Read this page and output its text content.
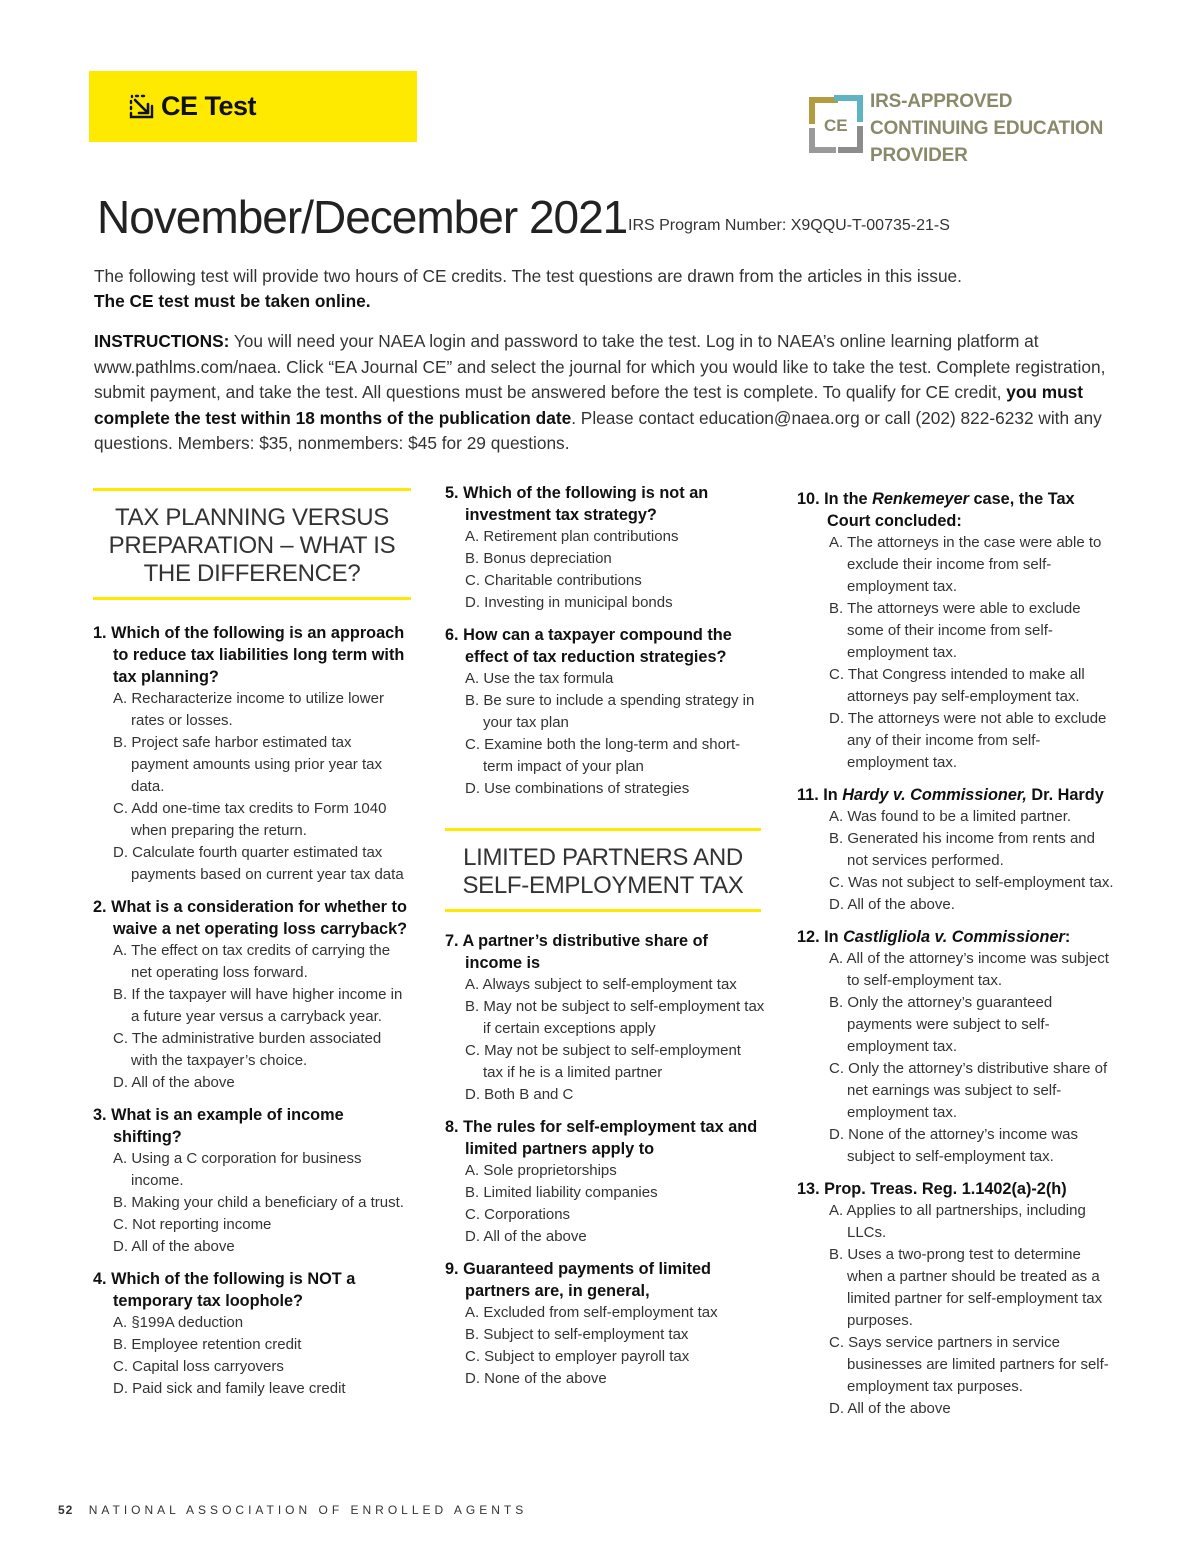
CE Test
CE
IRS-APPROVED
CONTINUING EDUCATION
PROVIDER
November/December 2021 IRS Program Number: X9QQU-T-00735-21-S

The following test will provide two hours of CE credits. The test questions are drawn from the articles in this issue.

The CE test must be taken online.

INSTRUCTIONS: You will need your NAEA login and password to take the test. Log in to NAEA’s online learning platform at www.pathlms.com/naea. Click “EA Journal CE” and select the journal for which you would like to take the test. Complete registration, submit payment, and take the test. All questions must be answered before the test is complete. To qualify for CE credit, you must complete the test within 18 months of the publication date. Please contact education@naea.org or call (202) 822-6232 with any questions. Members: $35, nonmembers: $45 for 29 questions.
TAX PLANNING VERSUS PREPARATION – WHAT IS THE DIFFERENCE?
1. Which of the following is an approach to reduce tax liabilities long term with tax planning?
A. Recharacterize income to utilize lower rates or losses.
B. Project safe harbor estimated tax payment amounts using prior year tax data.
C. Add one-time tax credits to Form 1040 when preparing the return.
D. Calculate fourth quarter estimated tax payments based on current year tax data
2. What is a consideration for whether to waive a net operating loss carryback?
A. The effect on tax credits of carrying the net operating loss forward.
B. If the taxpayer will have higher income in a future year versus a carryback year.
C. The administrative burden associated with the taxpayer’s choice.
D. All of the above
3. What is an example of income shifting?
A. Using a C corporation for business income.
B. Making your child a beneficiary of a trust.
C. Not reporting income
D. All of the above
4. Which of the following is NOT a temporary tax loophole?
A. §199A deduction
B. Employee retention credit
C. Capital loss carryovers
D. Paid sick and family leave credit
5. Which of the following is not an investment tax strategy?
A. Retirement plan contributions
B. Bonus depreciation
C. Charitable contributions
D. Investing in municipal bonds
6. How can a taxpayer compound the effect of tax reduction strategies?
A. Use the tax formula
B. Be sure to include a spending strategy in your tax plan
C. Examine both the long-term and short-term impact of your plan
D. Use combinations of strategies
LIMITED PARTNERS AND SELF-EMPLOYMENT TAX
7. A partner’s distributive share of income is
A. Always subject to self-employment tax
B. May not be subject to self-employment tax if certain exceptions apply
C. May not be subject to self-employment tax if he is a limited partner
D. Both B and C
8. The rules for self-employment tax and limited partners apply to
A. Sole proprietorships
B. Limited liability companies
C. Corporations
D. All of the above
9. Guaranteed payments of limited partners are, in general,
A. Excluded from self-employment tax
B. Subject to self-employment tax
C. Subject to employer payroll tax
D. None of the above
10. In the Renkemeyer case, the Tax Court concluded:
A. The attorneys in the case were able to exclude their income from self-employment tax.
B. The attorneys were able to exclude some of their income from self-employment tax.
C. That Congress intended to make all attorneys pay self-employment tax.
D. The attorneys were not able to exclude any of their income from self-employment tax.
11. In Hardy v. Commissioner, Dr. Hardy
A. Was found to be a limited partner.
B. Generated his income from rents and not services performed.
C. Was not subject to self-employment tax.
D. All of the above.
12. In Castligliola v. Commissioner:
A. All of the attorney’s income was subject to self-employment tax.
B. Only the attorney’s guaranteed payments were subject to self-employment tax.
C. Only the attorney’s distributive share of net earnings was subject to self-employment tax.
D. None of the attorney’s income was subject to self-employment tax.
13. Prop. Treas. Reg. 1.1402(a)-2(h)
A. Applies to all partnerships, including LLCs.
B. Uses a two-prong test to determine when a partner should be treated as a limited partner for self-employment tax purposes.
C. Says service partners in service businesses are limited partners for self-employment tax purposes.
D. All of the above
52 NATIONAL ASSOCIATION OF ENROLLED AGENTS
